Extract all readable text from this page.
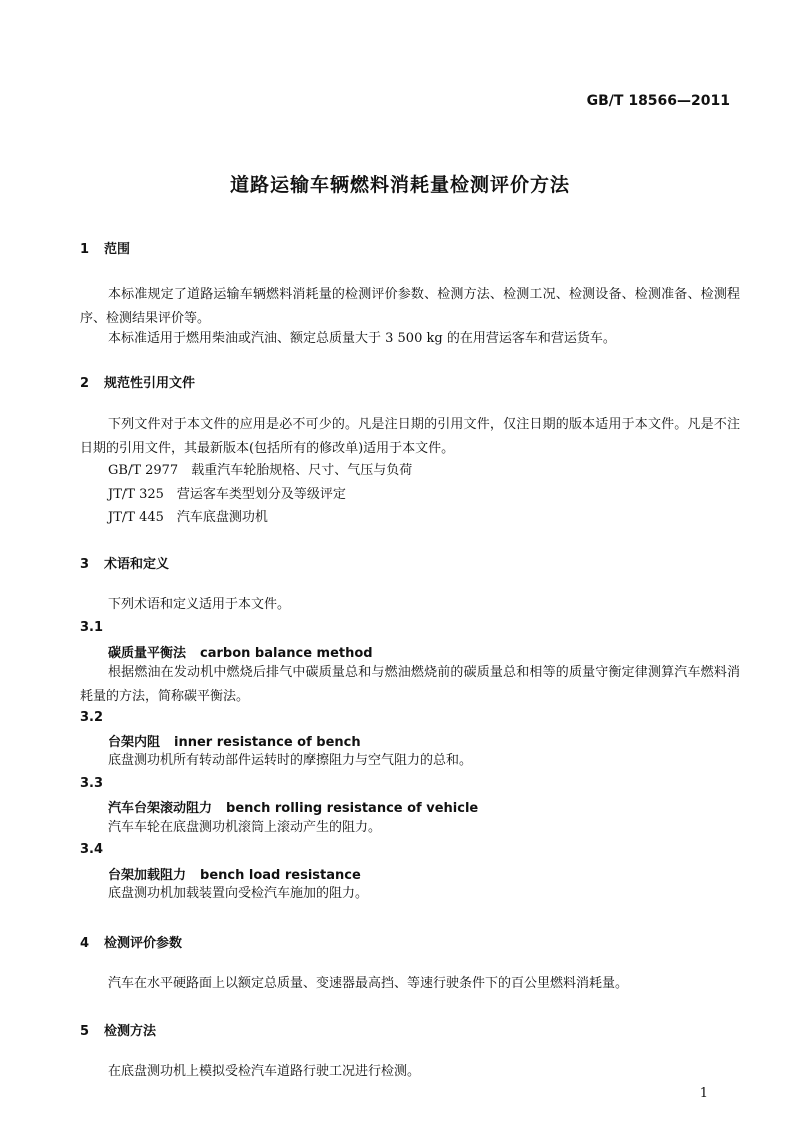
GB/T 18566—2011
道路运输车辆燃料消耗量检测评价方法
1 范围

本标准规定了道路运输车辆燃料消耗量的检测评价参数、检测方法、检测工况、检测设备、检测准备、检测程序、检测结果评价等。

本标准适用于燃用柴油或汽油、额定总质量大于 3 500 kg 的在用营运客车和营运货车。

2 规范性引用文件

下列文件对于本文件的应用是必不可少的。凡是注日期的引用文件，仅注日期的版本适用于本文件。凡是不注日期的引用文件，其最新版本(包括所有的修改单)适用于本文件。

GB/T 2977　载重汽车轮胎规格、尺寸、气压与负荷
JT/T 325　营运客车类型划分及等级评定
JT/T 445　汽车底盘测功机
3 术语和定义
下列术语和定义适用于本文件。
3.1
碳质量平衡法 carbon balance method

根据燃油在发动机中燃烧后排气中碳质量总和与燃油燃烧前的碳质量总和相等的质量守衡定律测算汽车燃料消耗量的方法，简称碳平衡法。

3.2
台架内阻 inner resistance of bench
底盘测功机所有转动部件运转时的摩擦阻力与空气阻力的总和。
3.3
汽车台架滚动阻力 bench rolling resistance of vehicle
汽车车轮在底盘测功机滚筒上滚动产生的阻力。
3.4
台架加载阻力 bench load resistance
底盘测功机加载装置向受检汽车施加的阻力。
4 检测评价参数
汽车在水平硬路面上以额定总质量、变速器最高挡、等速行驶条件下的百公里燃料消耗量。
5 检测方法
在底盘测功机上模拟受检汽车道路行驶工况进行检测。
1
